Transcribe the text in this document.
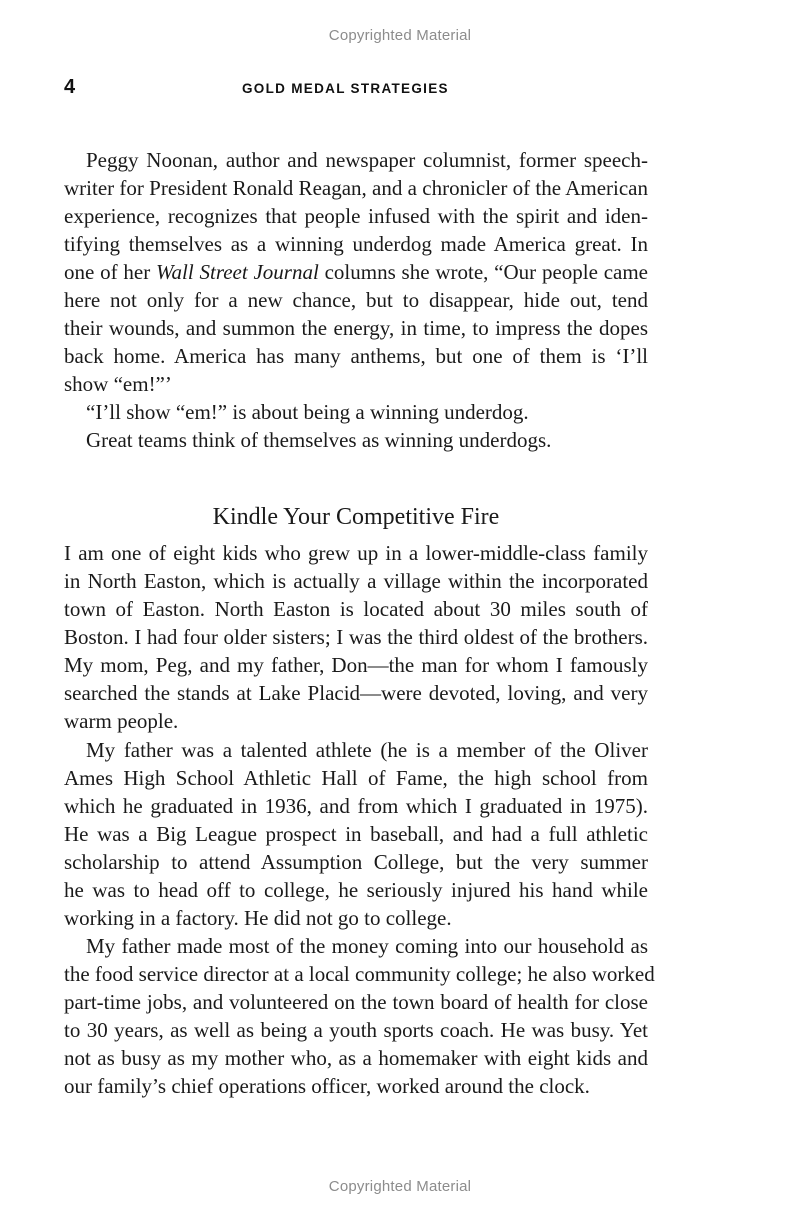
Copyrighted Material
4	GOLD MEDAL STRATEGIES
Peggy Noonan, author and newspaper columnist, former speech-
writer for President Ronald Reagan, and a chronicler of the American
experience, recognizes that people infused with the spirit and iden-
tifying themselves as a winning underdog made America great. In
one of her Wall Street Journal columns she wrote, “Our people came
here not only for a new chance, but to disappear, hide out, tend
their wounds, and summon the energy, in time, to impress the dopes
back home. America has many anthems, but one of them is ‘I’ll
show “em!”’
“I’ll show “em!” is about being a winning underdog.
Great teams think of themselves as winning underdogs.
Kindle Your Competitive Fire
I am one of eight kids who grew up in a lower-middle-class family
in North Easton, which is actually a village within the incorporated
town of Easton. North Easton is located about 30 miles south of
Boston. I had four older sisters; I was the third oldest of the brothers.
My mom, Peg, and my father, Don—the man for whom I famously
searched the stands at Lake Placid—were devoted, loving, and very
warm people.
My father was a talented athlete (he is a member of the Oliver
Ames High School Athletic Hall of Fame, the high school from
which he graduated in 1936, and from which I graduated in 1975).
He was a Big League prospect in baseball, and had a full athletic
scholarship to attend Assumption College, but the very summer
he was to head off to college, he seriously injured his hand while
working in a factory. He did not go to college.
My father made most of the money coming into our household as
the food service director at a local community college; he also worked
part-time jobs, and volunteered on the town board of health for close
to 30 years, as well as being a youth sports coach. He was busy. Yet
not as busy as my mother who, as a homemaker with eight kids and
our family’s chief operations officer, worked around the clock.
Copyrighted Material
